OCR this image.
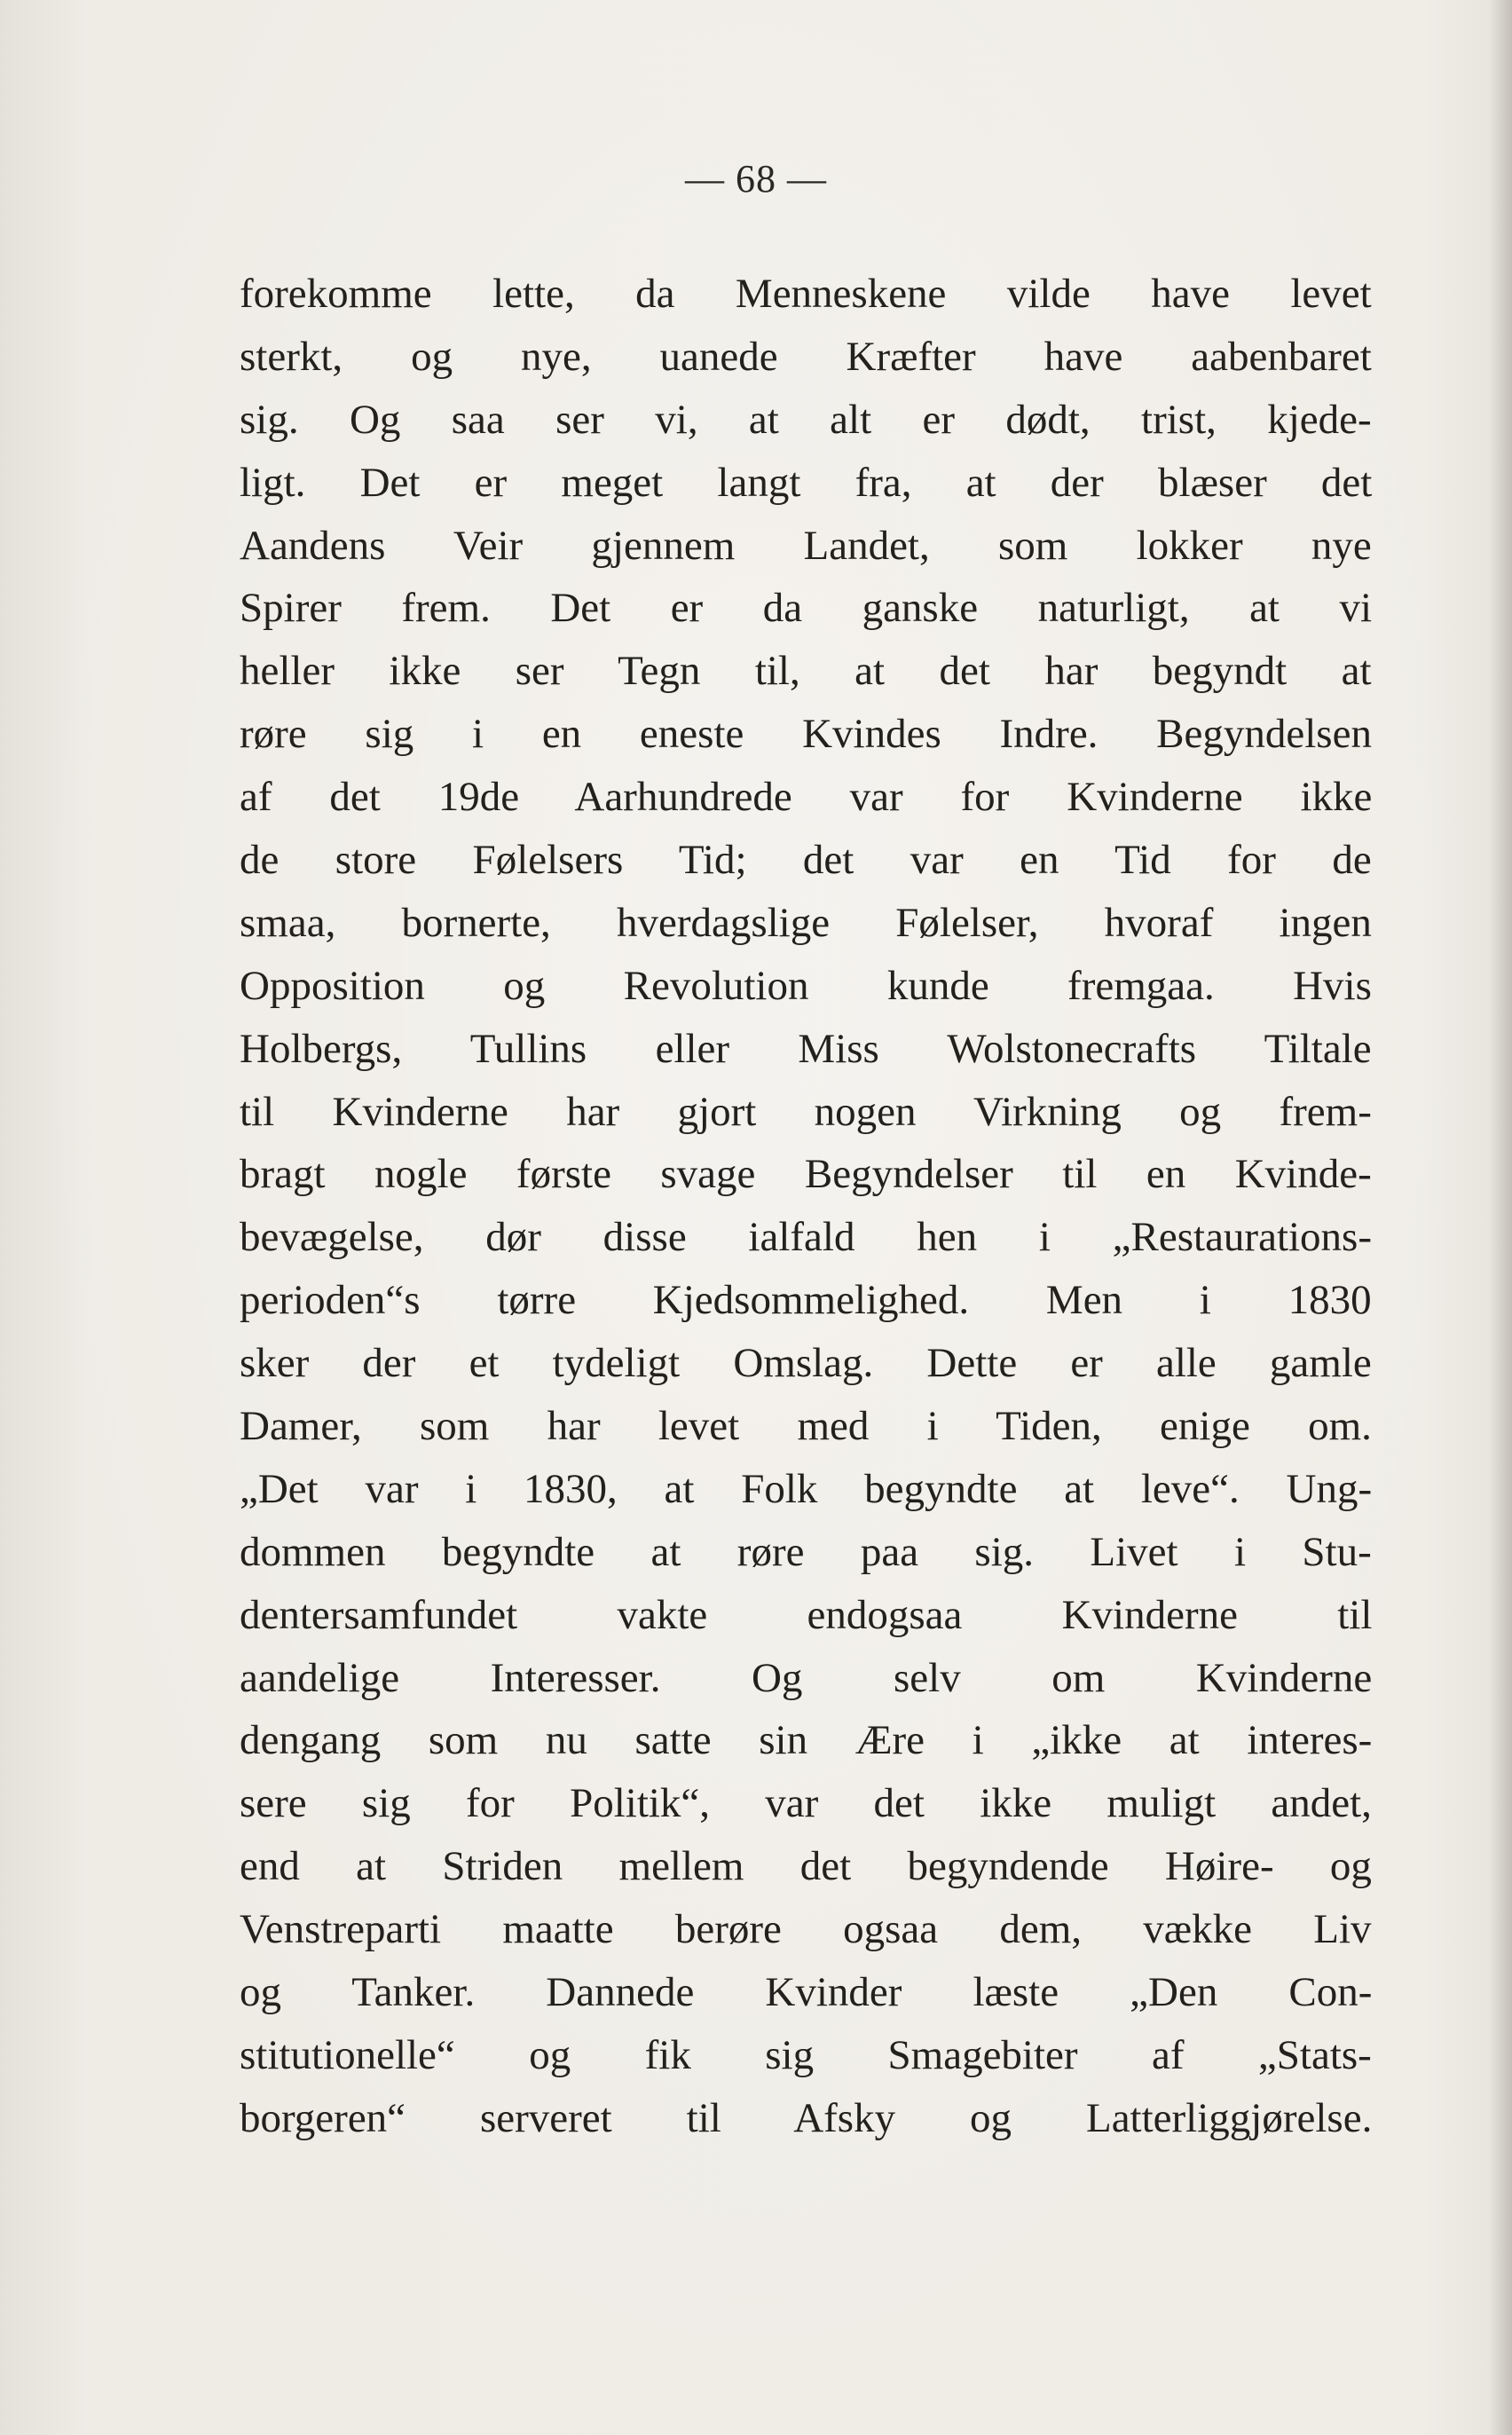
— 68 —
forekomme lette, da Menneskene vilde have levet
sterkt, og nye, uanede Kræfter have aabenbaret
sig. Og saa ser vi, at alt er dødt, trist, kjede-
ligt. Det er meget langt fra, at der blæser det
Aandens Veir gjennem Landet, som lokker nye
Spirer frem. Det er da ganske naturligt, at vi
heller ikke ser Tegn til, at det har begyndt at
røre sig i en eneste Kvindes Indre. Begyndelsen
af det 19de Aarhundrede var for Kvinderne ikke
de store Følelsers Tid; det var en Tid for de
smaa, bornerte, hverdagslige Følelser, hvoraf ingen
Opposition og Revolution kunde fremgaa. Hvis
Holbergs, Tullins eller Miss Wolstonecrafts Tiltale
til Kvinderne har gjort nogen Virkning og frem-
bragt nogle første svage Begyndelser til en Kvinde-
bevægelse, dør disse ialfald hen i „Restaurations-
perioden“s tørre Kjedsommelighed. Men i 1830
sker der et tydeligt Omslag. Dette er alle gamle
Damer, som har levet med i Tiden, enige om.
„Det var i 1830, at Folk begyndte at leve“. Ung-
dommen begyndte at røre paa sig. Livet i Stu-
dentersamfundet vakte endogsaa Kvinderne til
aandelige Interesser. Og selv om Kvinderne
dengang som nu satte sin Ære i „ikke at interes-
sere sig for Politik“, var det ikke muligt andet,
end at Striden mellem det begyndende Høire- og
Venstreparti maatte berøre ogsaa dem, vække Liv
og Tanker. Dannede Kvinder læste „Den Con-
stitutionelle“ og fik sig Smagebiter af „Stats-
borgeren“ serveret til Afsky og Latterliggjørelse.
